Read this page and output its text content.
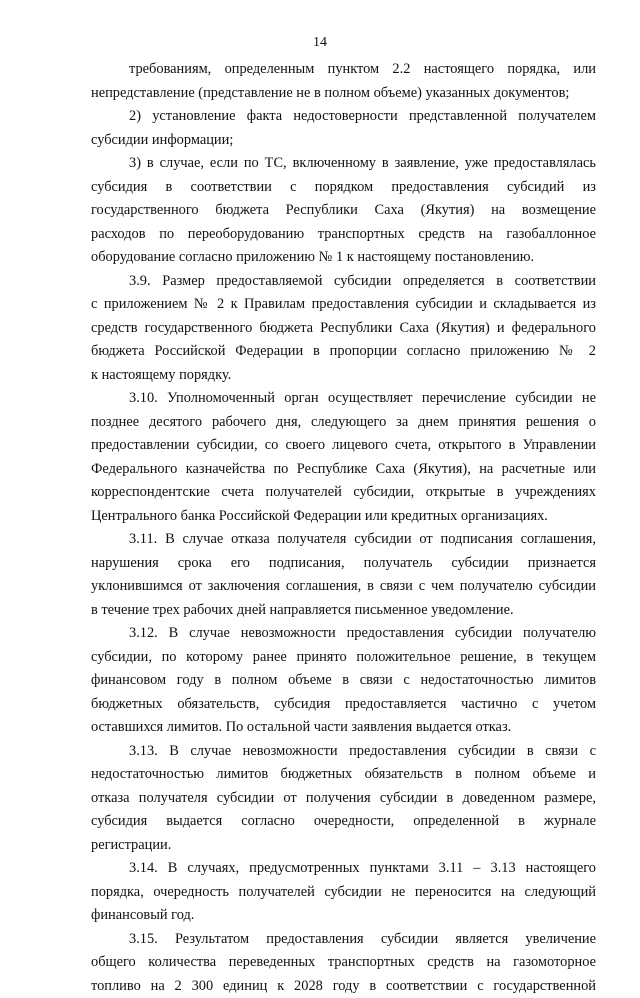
14
требованиям, определенным пунктом 2.2 настоящего порядка, или
непредставление (представление не в полном объеме) указанных документов;
2) установление факта недостоверности представленной получателем
субсидии информации;
3) в случае, если по ТС, включенному в заявление, уже предоставлялась
субсидия в соответствии с порядком предоставления субсидий из
государственного бюджета Республики Саха (Якутия) на возмещение
расходов по переоборудованию транспортных средств на газобаллонное
оборудование согласно приложению № 1 к настоящему постановлению.
3.9. Размер предоставляемой субсидии определяется в соответствии
с приложением № 2 к Правилам предоставления субсидии и складывается из
средств государственного бюджета Республики Саха (Якутия) и федерального
бюджета Российской Федерации в пропорции согласно приложению № 2
к настоящему порядку.
3.10. Уполномоченный орган осуществляет перечисление субсидии не
позднее десятого рабочего дня, следующего за днем принятия решения о
предоставлении субсидии, со своего лицевого счета, открытого в Управлении
Федерального казначейства по Республике Саха (Якутия), на расчетные или
корреспондентские счета получателей субсидии, открытые в учреждениях
Центрального банка Российской Федерации или кредитных организациях.
3.11. В случае отказа получателя субсидии от подписания соглашения,
нарушения срока его подписания, получатель субсидии признается
уклонившимся от заключения соглашения, в связи с чем получателю субсидии
в течение трех рабочих дней направляется письменное уведомление.
3.12. В случае невозможности предоставления субсидии получателю
субсидии, по которому ранее принято положительное решение, в текущем
финансовом году в полном объеме в связи с недостаточностью лимитов
бюджетных обязательств, субсидия предоставляется частично с учетом
оставшихся лимитов. По остальной части заявления выдается отказ.
3.13. В случае невозможности предоставления субсидии в связи с
недостаточностью лимитов бюджетных обязательств в полном объеме и
отказа получателя субсидии от получения субсидии в доведенном размере,
субсидия выдается согласно очередности, определенной в журнале
регистрации.
3.14. В случаях, предусмотренных пунктами 3.11 – 3.13 настоящего
порядка, очередность получателей субсидии не переносится на следующий
финансовый год.
3.15. Результатом предоставления субсидии является увеличение
общего количества переведенных транспортных средств на газомоторное
топливо на 2 300 единиц к 2028 году в соответствии с государственной
